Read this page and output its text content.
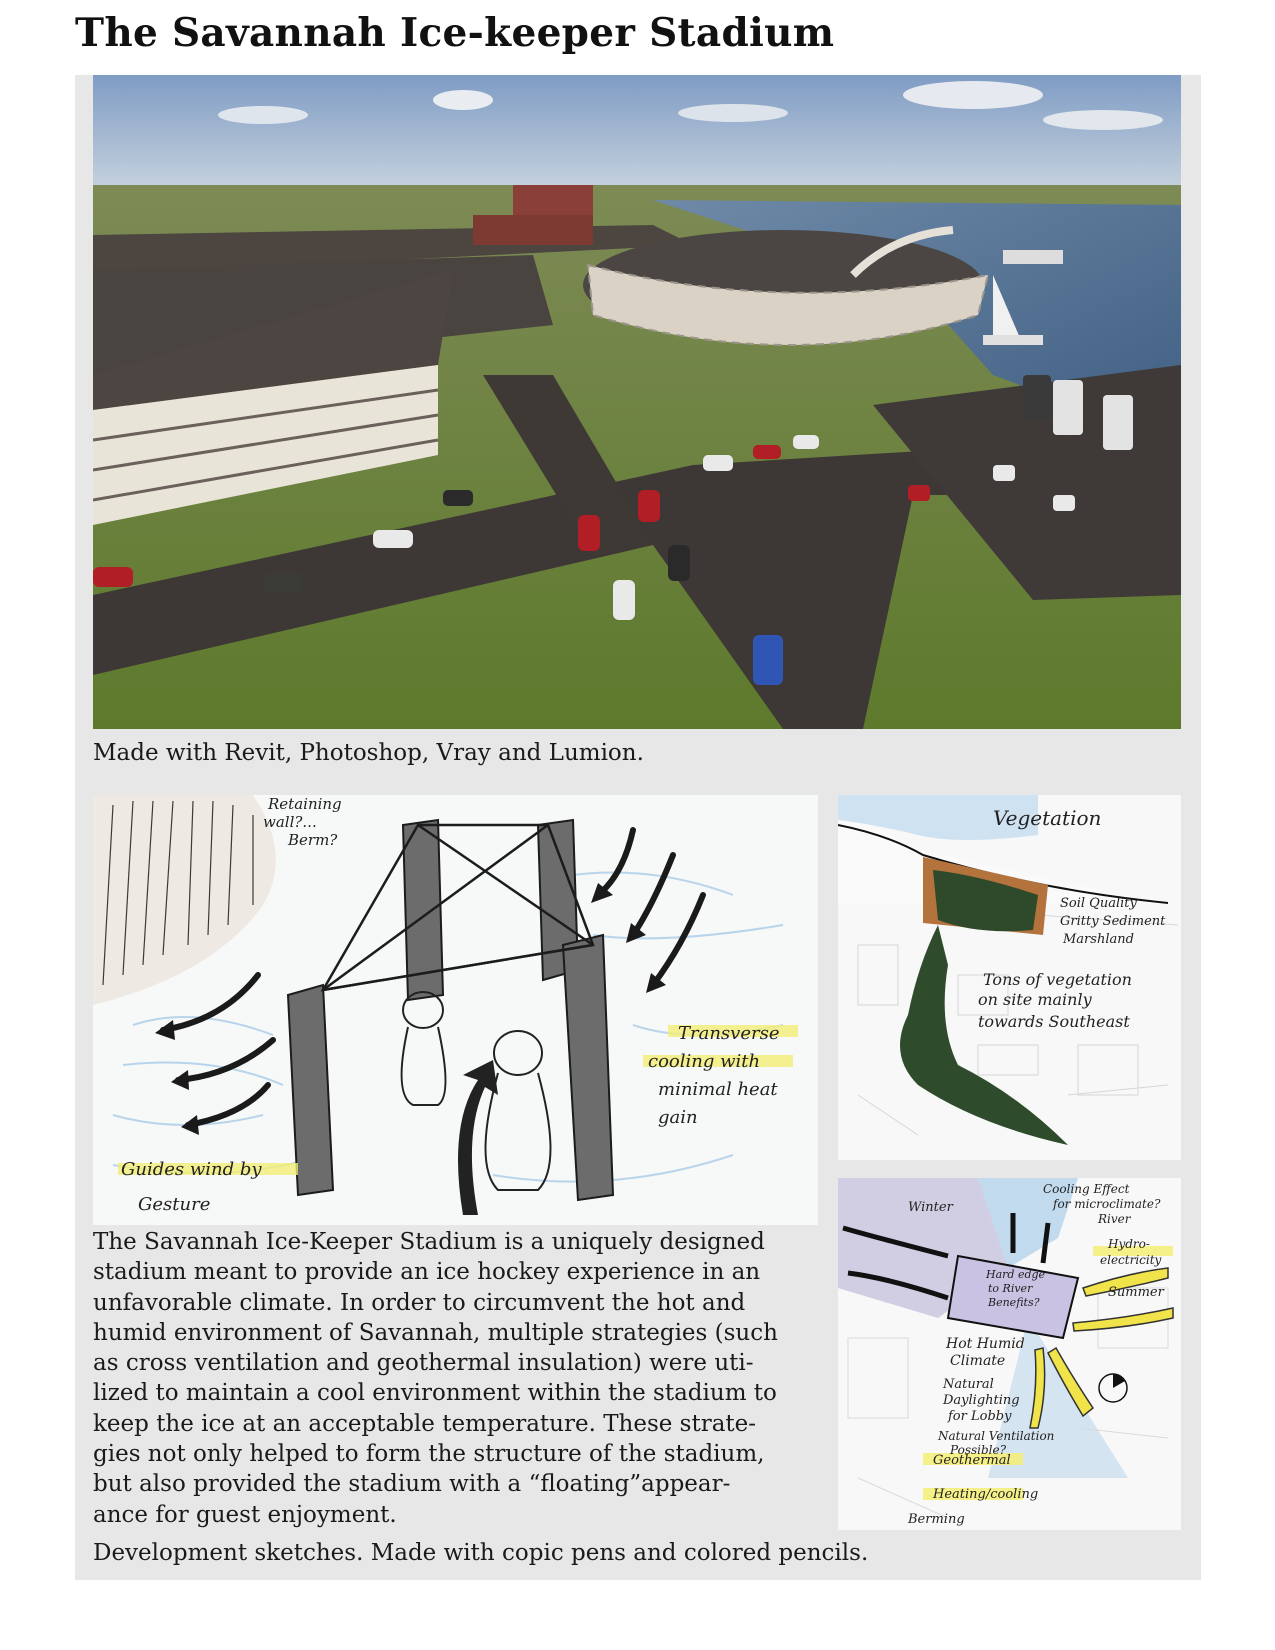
The Savannah Ice-keeper Stadium
Made with Revit, Photoshop, Vray and Lumion.
Retaining
wall?...
Berm?
Transverse
cooling with
minimal heat
gain
Guides wind by
Gesture
Vegetation
Soil Quality
Gritty Sediment
Marshland
Tons of vegetation
on site mainly
towards Southeast
Winter
Cooling Effect
for microclimate?
River
Hydro-
electricity
Summer
Hard edge
to River
Benefits?
Hot Humid
Climate
Natural
Daylighting
for Lobby
Natural Ventilation
Possible?
Geothermal
Heating/cooling
Berming
The Savannah Ice-Keeper Stadium is a uniquely designed
stadium meant to provide an ice hockey experience in an
unfavorable climate. In order to circumvent the hot and
humid environment of Savannah, multiple strategies (such
as cross ventilation and geothermal insulation) were uti-
lized to maintain a cool environment within the stadium to
keep the ice at an acceptable temperature. These strate-
gies not only helped to form the structure of the stadium,
but also provided the stadium with a “floating”appear-
ance for guest enjoyment.
Development sketches. Made with copic pens and colored pencils.
